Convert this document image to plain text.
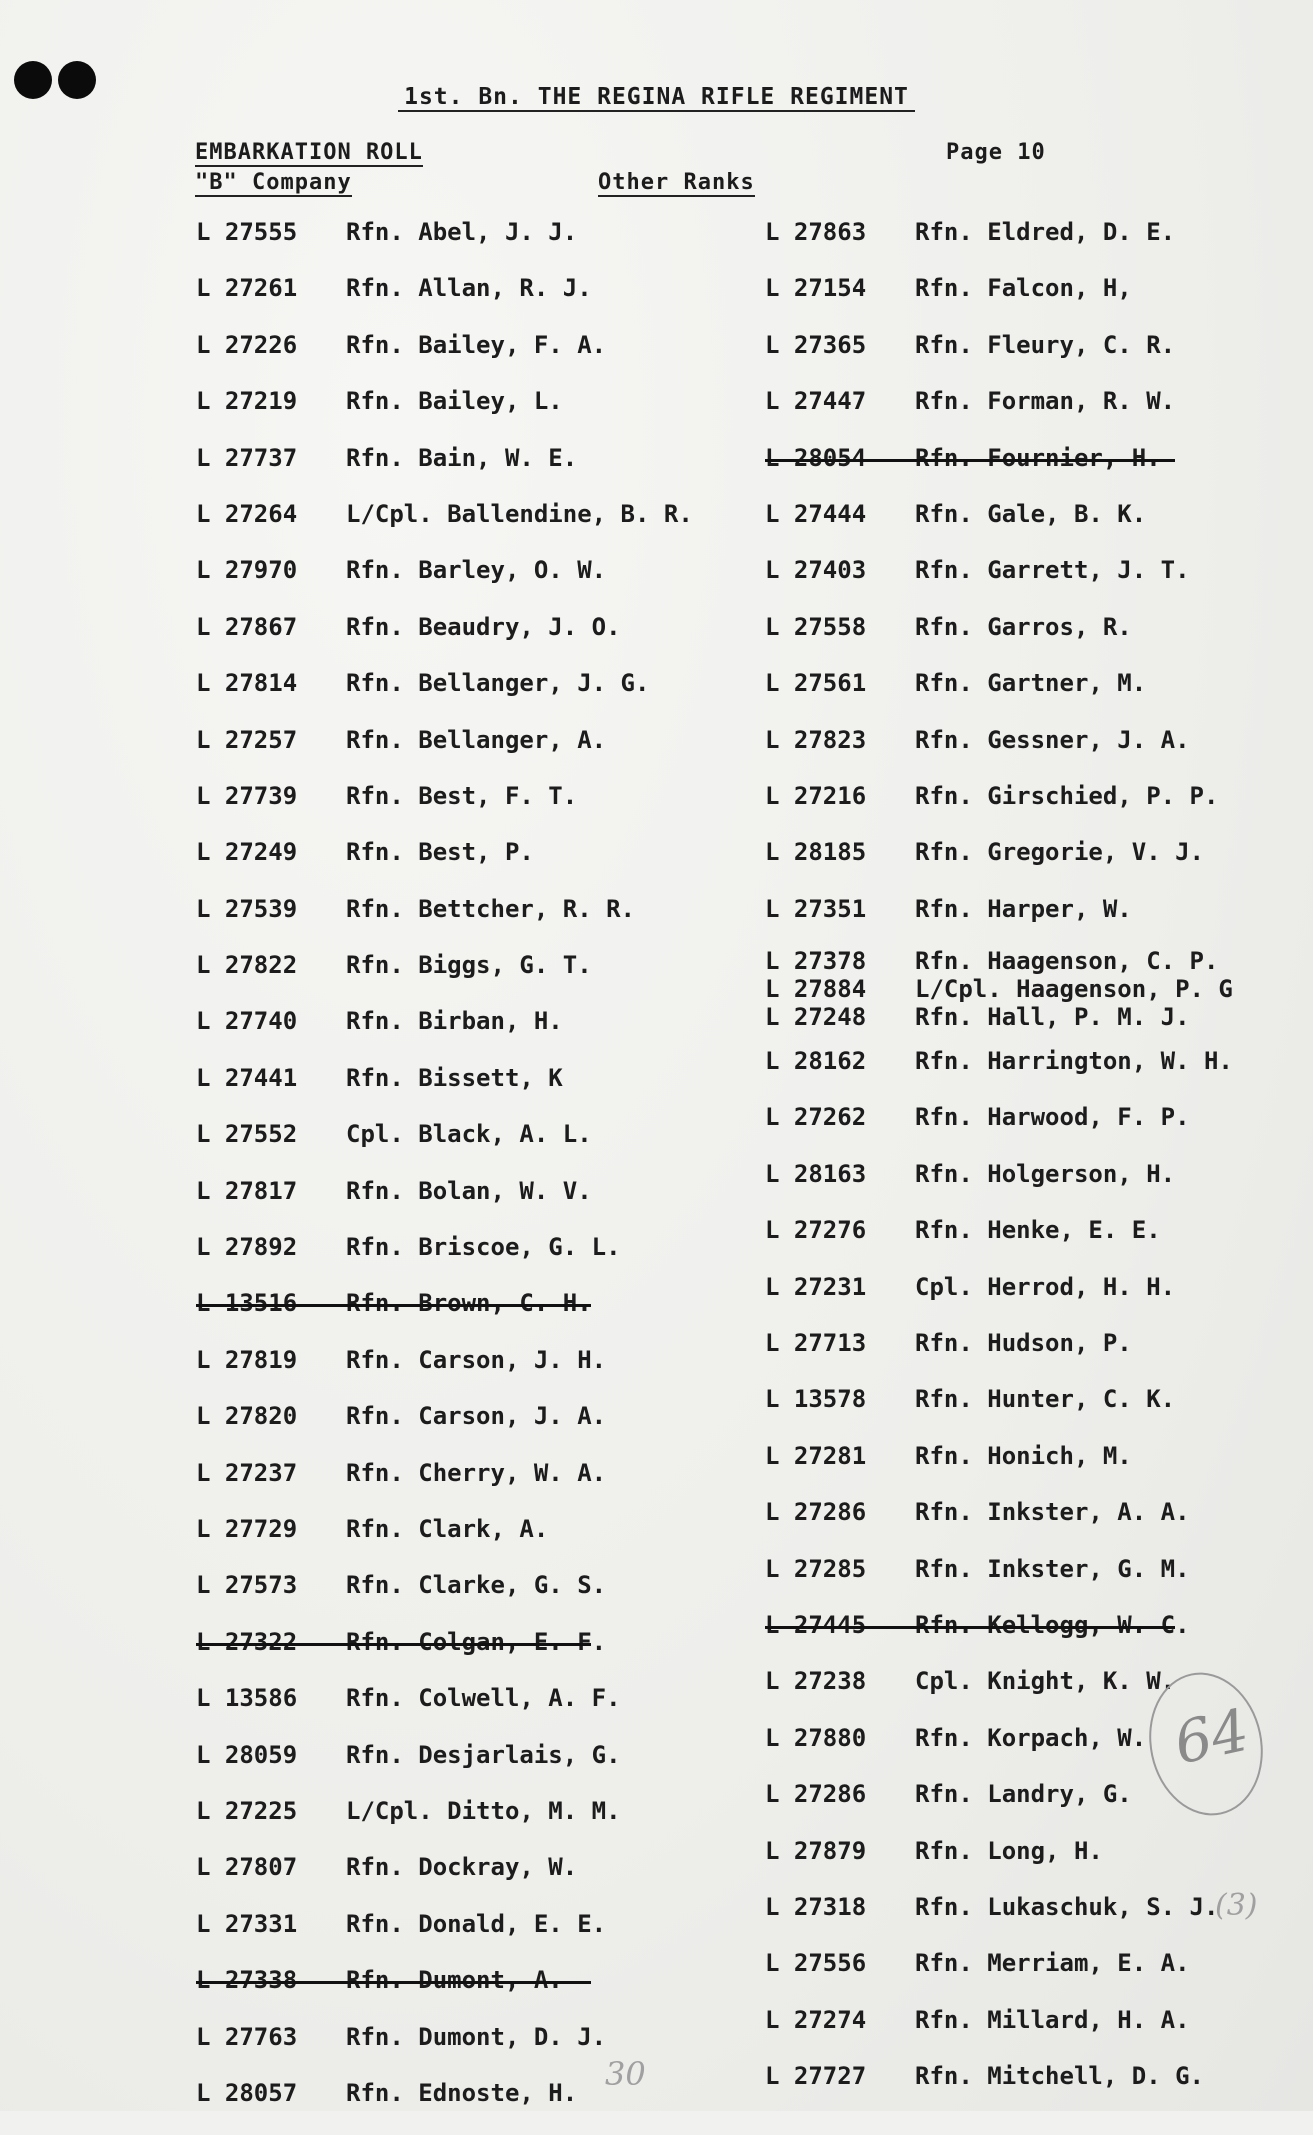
1st. Bn. THE REGINA RIFLE REGIMENT
EMBARKATION ROLL
"B" Company	Other Ranks
Page 10
L 27555 Rfn. Abel, J. J.
L 27261 Rfn. Allan, R. J.
L 27226 Rfn. Bailey, F. A.
L 27219 Rfn. Bailey, L.
L 27737 Rfn. Bain, W. E.
L 27264 L/Cpl. Ballendine, B. R.
L 27970 Rfn. Barley, O. W.
L 27867 Rfn. Beaudry, J. O.
L 27814 Rfn. Bellanger, J. G.
L 27257 Rfn. Bellanger, A.
L 27739 Rfn. Best, F. T.
L 27249 Rfn. Best, P.
L 27539 Rfn. Bettcher, R. R.
L 27822 Rfn. Biggs, G. T.
L 27740 Rfn. Birban, H.
L 27441 Rfn. Bissett, K
L 27552 Cpl. Black, A. L.
L 27817 Rfn. Bolan, W. V.
L 27892 Rfn. Briscoe, G. L.
L 13516 Rfn. Brown, C. H.
L 27819 Rfn. Carson, J. H.
L 27820 Rfn. Carson, J. A.
L 27237 Rfn. Cherry, W. A.
L 27729 Rfn. Clark, A.
L 27573 Rfn. Clarke, G. S.
L 27322 Rfn. Colgan, E. F.
L 13586 Rfn. Colwell, A. F.
L 28059 Rfn. Desjarlais, G.
L 27225 L/Cpl. Ditto, M. M.
L 27807 Rfn. Dockray, W.
L 27331 Rfn. Donald, E. E.
L 27338 Rfn. Dumont, A.
L 27763 Rfn. Dumont, D. J.
L 28057 Rfn. Ednoste, H.
L 27863 Rfn. Eldred, D. E.
L 27154 Rfn. Falcon, H,
L 27365 Rfn. Fleury, C. R.
L 27447 Rfn. Forman, R. W.
L 28054 Rfn. Fournier, H.
L 27444 Rfn. Gale, B. K.
L 27403 Rfn. Garrett, J. T.
L 27558 Rfn. Garros, R.
L 27561 Rfn. Gartner, M.
L 27823 Rfn. Gessner, J. A.
L 27216 Rfn. Girschied, P. P.
L 28185 Rfn. Gregorie, V. J.
L 27351 Rfn. Harper, W.
L 27378 Rfn. Haagenson, C. P.
L 27884 L/Cpl. Haagenson, P. G
L 27248 Rfn. Hall, P. M. J.
L 28162 Rfn. Harrington, W. H.
L 27262 Rfn. Harwood, F. P.
L 28163 Rfn. Holgerson, H.
L 27276 Rfn. Henke, E. E.
L 27231 Cpl. Herrod, H. H.
L 27713 Rfn. Hudson, P.
L 13578 Rfn. Hunter, C. K.
L 27281 Rfn. Honich, M.
L 27286 Rfn. Inkster, A. A.
L 27285 Rfn. Inkster, G. M.
L 27445 Rfn. Kellogg, W. C.
L 27238 Cpl. Knight, K. W.
L 27880 Rfn. Korpach, W.
L 27286 Rfn. Landry, G.
L 27879 Rfn. Long, H.
L 27318 Rfn. Lukaschuk, S. J.
L 27556 Rfn. Merriam, E. A.
L 27274 Rfn. Millard, H. A.
L 27727 Rfn. Mitchell, D. G.
64
(3)
30
